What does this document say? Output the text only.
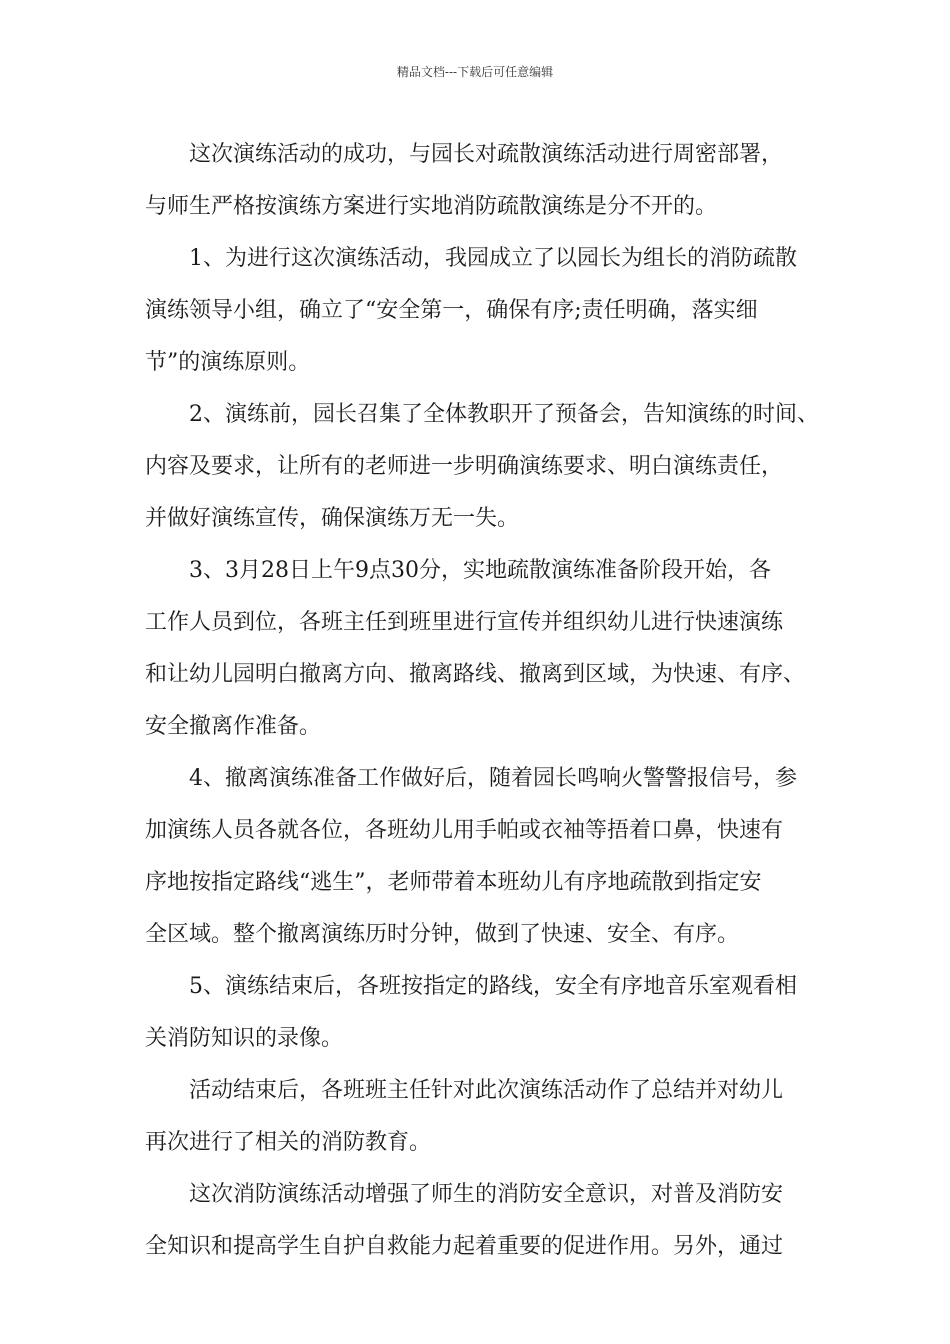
精品文档---下载后可任意编辑

这次演练活动的成功，与园长对疏散演练活动进行周密部署，
与师生严格按演练方案进行实地消防疏散演练是分不开的。

1、为进行这次演练活动，我园成立了以园长为组长的消防疏散
演练领导小组，确立了“安全第一，确保有序;责任明确，落实细
节”的演练原则。

2、演练前，园长召集了全体教职开了预备会，告知演练的时间、
内容及要求，让所有的老师进一步明确演练要求、明白演练责任，
并做好演练宣传，确保演练万无一失。

3、3月28日上午9点30分，实地疏散演练准备阶段开始，各
工作人员到位，各班主任到班里进行宣传并组织幼儿进行快速演练
和让幼儿园明白撤离方向、撤离路线、撤离到区域，为快速、有序、
安全撤离作准备。

4、撤离演练准备工作做好后，随着园长鸣响火警警报信号，参
加演练人员各就各位，各班幼儿用手帕或衣袖等捂着口鼻，快速有
序地按指定路线“逃生”，老师带着本班幼儿有序地疏散到指定安
全区域。整个撤离演练历时分钟，做到了快速、安全、有序。

5、演练结束后，各班按指定的路线，安全有序地音乐室观看相
关消防知识的录像。

活动结束后，各班班主任针对此次演练活动作了总结并对幼儿
再次进行了相关的消防教育。

这次消防演练活动增强了师生的消防安全意识，对普及消防安
全知识和提高学生自护自救能力起着重要的促进作用。另外，通过
